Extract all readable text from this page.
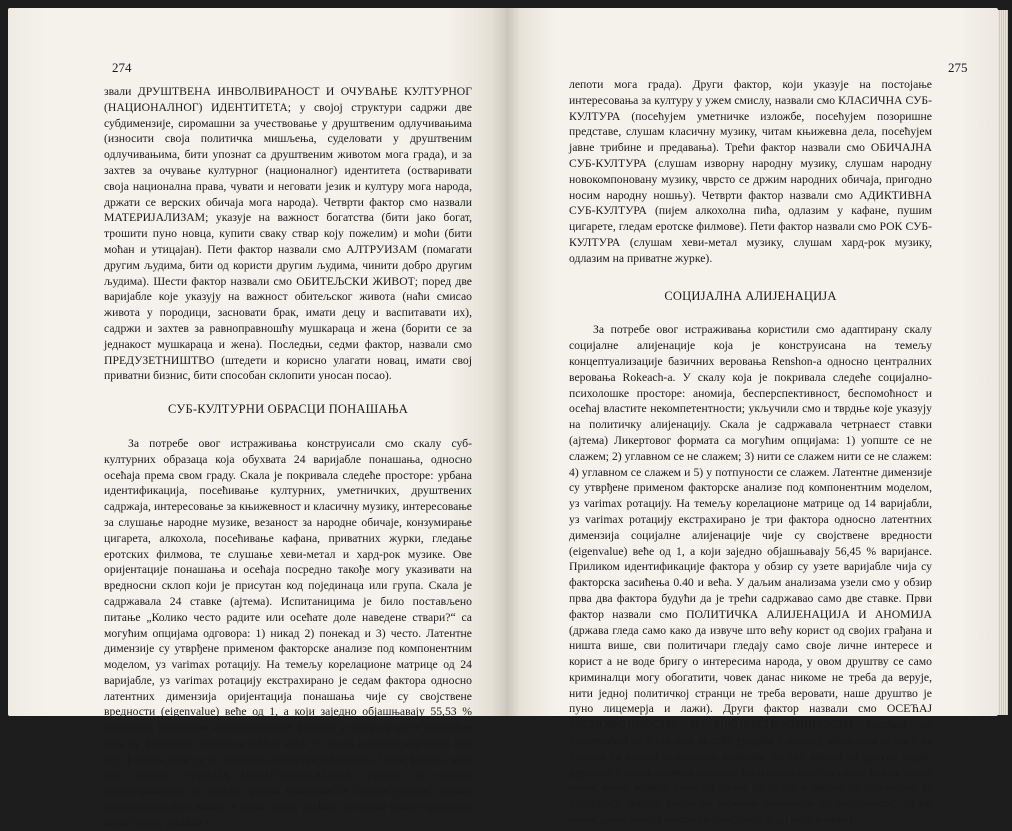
274

звали ДРУШТВЕНА ИНВОЛВИРАНОСТ И ОЧУВАЊЕ КУЛТУРНОГ (НАЦИОНАЛНОГ) ИДЕНТИТЕТА; у својој структури садржи две субдимензије, сиромашни за учествовање у друштвеним одлучивањима (износити своја политичка мишљења, суделовати у друштвеним одлучивањима, бити упознат са друштвеним животом мога града), и за захтев за очување културног (националног) идентитета (остваривати своја национална права, чувати и неговати језик и културу мога народа, држати се верских обичаја мога народа). Четврти фактор смо назвали МАТЕРИЈАЛИЗАМ; указује на важност богатства (бити јако богат, трошити пуно новца, купити сваку ствар коју пожелим) и моћи (бити моћан и утицајан). Пети фактор назвали смо АЛТРУИЗАМ (помагати другим људима, бити од користи другим људима, чинити добро другим људима). Шести фактор назвали смо ОБИТЕЉСКИ ЖИВОТ; поред две варијабле које указују на важност обитељског живота (наћи смисао живота у породици, засновати брак, имати децу и васпитавати их), садржи и захтев за равноправношћу мушкараца и жена (борити се за једнакост мушкараца и жена). Последњи, седми фактор, назвали смо ПРЕДУЗЕТНИШТВО (штедети и корисно улагати новац, имати свој приватни бизнис, бити способан склопити уносан посао).

СУБ-КУЛТУРНИ ОБРАСЦИ ПОНАШАЊА

За потребе овог истраживања конструисали смо скалу суб-културних образаца која обухвата 24 варијабле понашања, односно осећаја према свом граду. Скала је покривала следеће просторе: урбана идентификација, посећивање културних, уметничких, друштвених садржаја, интересовање за књижевност и класичну музику, интересовање за слушање народне музике, везаност за народне обичаје, конзумирање цигарета, алкохола, посећивање кафана, приватних журки, гледање еротских филмова, те слушање хеви-метал и хард-рок музике. Ове оријентације понашања и осећаја посредно такође могу указивати на вредносни склоп који је присутан код појединаца или група. Скала је садржавала 24 ставке (ајтема). Испитаницима је било постављено питање „Колико често радите или осећате доле наведене ствари?“ са могућим опцијама одговора: 1) никад 2) понекад и 3) често. Латентне димензије су утврђене применом факторске анализе под компонентним моделом, уз varimax ротацију. На темељу корелационе матрице од 24 варијабле, уз varimax ротацију екстрахирано је седам фактора односно латентних димензија оријентација понашања чије су својствене вредности (eigenvalue) веће од 1, а који заједно објашњавају 55,53 % варијансе. Приликом идентификације фактора у обзир су узете варијабле чија су факторска засићења 0.40 и већа. У даљој анализи задржали смо пет фактора који су се показали интерпретабилнима. Први фактор, који смо назвали УРБАНА ИДЕНТИФИКАЦИЈА, указује на снажну идентификацију са својим градом (поносим се својим градом, осећам задовољство што живим у овом граду, осећам да целим бићем припадам моме граду, уживам у

275

лепоти мога града). Други фактор, који указује на постојање интересовања за културу у ужем смислу, назвали смо КЛАСИЧНА СУБ-КУЛТУРА (посећујем уметничке изложбе, посећујем позоришне представе, слушам класичну музику, читам књижевна дела, посећујем јавне трибине и предавања). Трећи фактор назвали смо ОБИЧАЈНА СУБ-КУЛТУРА (слушам изворну народну музику, слушам народну новокомпоновану музику, чврсто се држим народних обичаја, пригодно носим народну ношњу). Четврти фактор назвали смо АДИКТИВНА СУБ-КУЛТУРА (пијем алкохолна пића, одлазим у кафане, пушим цигарете, гледам еротске филмове). Пети фактор назвали смо РОК СУБ-КУЛТУРА (слушам хеви-метал музику, слушам хард-рок музику, одлазим на приватне журке).

СОЦИЈАЛНА АЛИЈЕНАЦИЈА

За потребе овог истраживања користили смо адаптирану скалу социјалне алијенације која је конструисана на темељу концептуализације базичних веровања Renshon-а односно централних веровања Rokeach-а. У скалу која је покривала следеће социјално-психолошке просторе: аномија, бесперспективност, беспомоћност и осећај властите некомпетентности; укључили смо и тврдње које указују на политичку алијенацију. Скала је садржавала четрнаест ставки (ајтема) Ликертовог формата са могућим опцијама: 1) уопште се не слажем; 2) углавном се не слажем; 3) нити се слажем нити се не слажем: 4) углавном се слажем и 5) у потпуности се слажем. Латентне димензије су утврђене применом факторске анализе под компонентним моделом, уз varimax ротацију. На темељу корелационе матрице од 14 варијабли, уз varimax ротацију екстрахирано је три фактора односно латентних димензија социјалне алијенације чије су својствене вредности (eigenvalue) веће од 1, а који заједно објашњавају 56,45 % варијансе. Приликом идентификације фактора у обзир су узете варијабле чија су факторска засићења 0.40 и већа. У даљим анализама узели смо у обзир прва два фактора будући да је трећи садржавао само две ставке. Први фактор назвали смо ПОЛИТИЧКА АЛИЈЕНАЦИЈА И АНОМИЈА (државa гледа само како да извуче што већу корист од својих грађана и ништа више, сви политичари гледају само своје личне интересе и корист а не воде бригу о интересима народа, у овом друштву се само криминалци могу обогатити, човек данас никоме не треба да верује, нити једној политичкој странци не треба веровати, наше друштво је пуно лицемерја и лажи). Други фактор назвали смо ОСЕЋАЈ БЕСПОМОЋНОСТИ И БЕСПЕРСПЕКТИВНОСТИ (осећам се беспомоћан да било шта за себе урадим у животу, мало тога ја могу да урадим са својим властитим животом јер све зависи од других људи, друштво у којем живимо понекад ми изгледа горе од самог пакла, данас човек може живети само од данас до сутра и ништа не планирати за будућност, ништа добро не можемо очекивати од будућности, да би човек данас нешто постигао присиљен је да вара и лаже).
